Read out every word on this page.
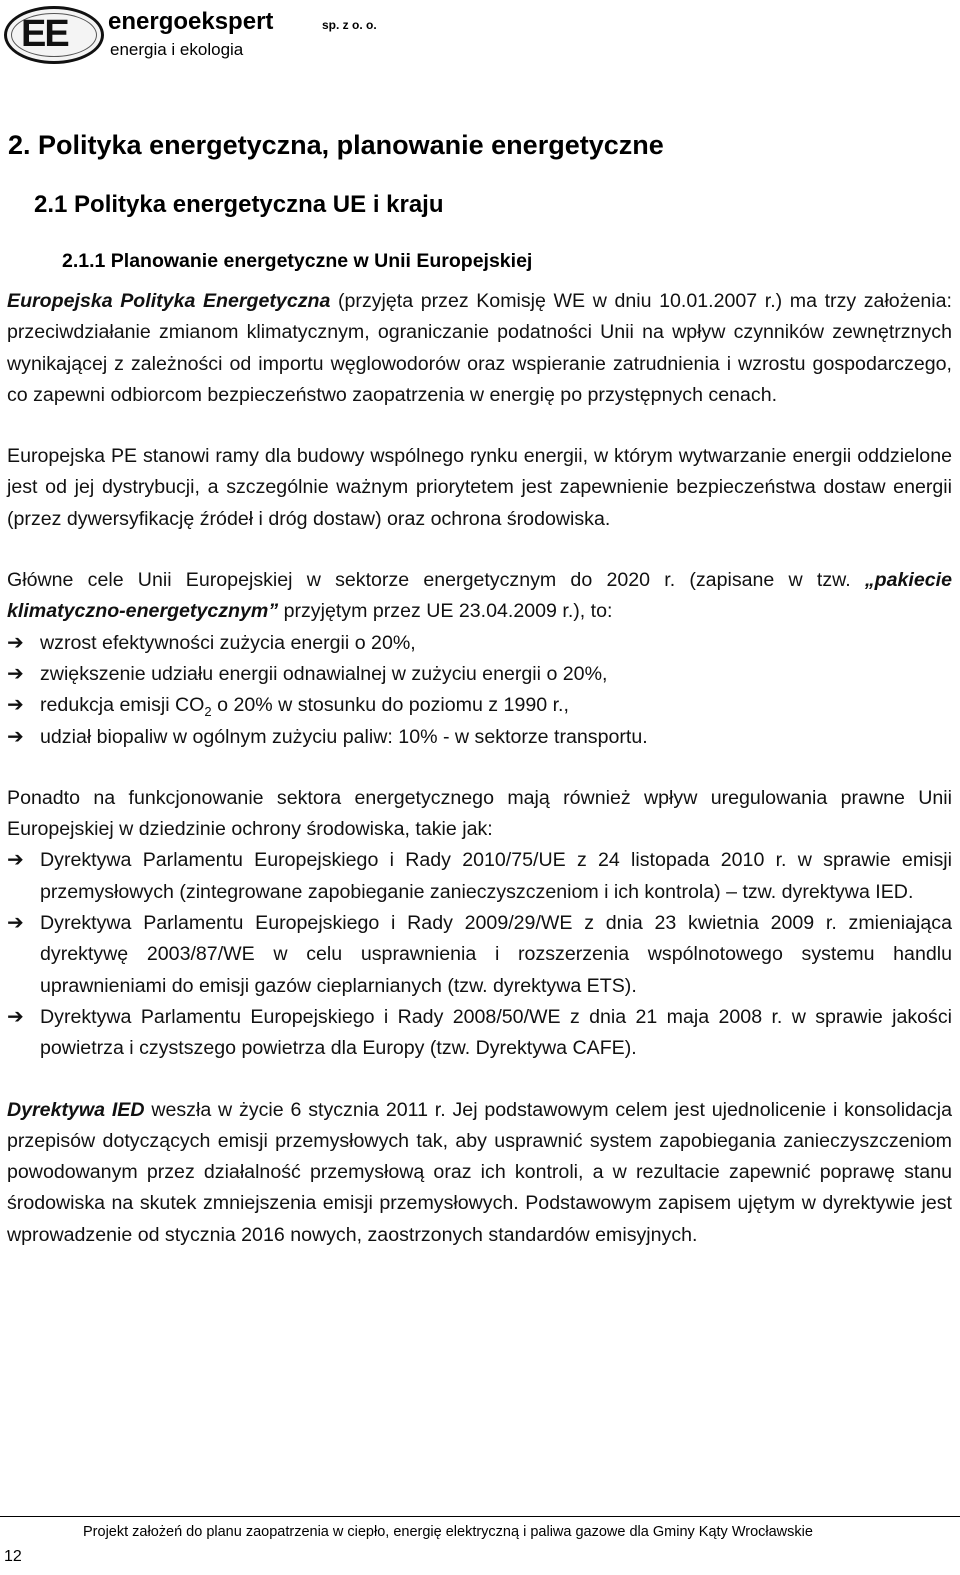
EE energoekspert	sp. z o. o.
energia i ekologia
2. Polityka energetyczna, planowanie energetyczne
2.1 Polityka energetyczna UE i kraju
2.1.1 Planowanie energetyczne w Unii Europejskiej

Europejska Polityka Energetyczna (przyjęta przez Komisję WE w dniu 10.01.2007 r.) ma trzy założenia: przeciwdziałanie zmianom klimatycznym, ograniczanie podatności Unii na wpływ czynników zewnętrznych wynikającej z zależności od importu węglowodorów oraz wspieranie zatrudnienia i wzrostu gospodarczego, co zapewni odbiorcom bezpieczeństwo zaopatrzenia w energię po przystępnych cenach.

Europejska PE stanowi ramy dla budowy wspólnego rynku energii, w którym wytwarzanie energii oddzielone jest od jej dystrybucji, a szczególnie ważnym priorytetem jest zapewnienie bezpieczeństwa dostaw energii (przez dywersyfikację źródeł i dróg dostaw) oraz ochrona środowiska.

Główne cele Unii Europejskiej w sektorze energetycznym do 2020 r. (zapisane w tzw. „pakiecie klimatyczno-energetycznym” przyjętym przez UE 23.04.2009 r.), to:

➔ wzrost efektywności zużycia energii o 20%,
➔ zwiększenie udziału energii odnawialnej w zużyciu energii o 20%,
➔ redukcja emisji $CO_2$ o 20% w stosunku do poziomu z 1990 r.,
➔ udział biopaliw w ogólnym zużyciu paliw: 10% - w sektorze transportu.

Ponadto na funkcjonowanie sektora energetycznego mają również wpływ uregulowania prawne Unii Europejskiej w dziedzinie ochrony środowiska, takie jak:

➔ Dyrektywa Parlamentu Europejskiego i Rady 2010/75/UE z 24 listopada 2010 r. w sprawie emisji przemysłowych (zintegrowane zapobieganie zanieczyszczeniom i ich kontrola) – tzw. dyrektywa IED.
➔ Dyrektywa Parlamentu Europejskiego i Rady 2009/29/WE z dnia 23 kwietnia 2009 r. zmieniająca dyrektywę 2003/87/WE w celu usprawnienia i rozszerzenia wspólnotowego systemu handlu uprawnieniami do emisji gazów cieplarnianych (tzw. dyrektywa ETS).
➔ Dyrektywa Parlamentu Europejskiego i Rady 2008/50/WE z dnia 21 maja 2008 r. w sprawie jakości powietrza i czystszego powietrza dla Europy (tzw. Dyrektywa CAFE).

Dyrektywa IED weszła w życie 6 stycznia 2011 r. Jej podstawowym celem jest ujednolicenie i konsolidacja przepisów dotyczących emisji przemysłowych tak, aby usprawnić system zapobiegania zanieczyszczeniom powodowanym przez działalność przemysłową oraz ich kontroli, a w rezultacie zapewnić poprawę stanu środowiska na skutek zmniejszenia emisji przemysłowych. Podstawowym zapisem ujętym w dyrektywie jest wprowadzenie od stycznia 2016 nowych, zaostrzonych standardów emisyjnych.

Projekt założeń do planu zaopatrzenia w ciepło, energię elektryczną i paliwa gazowe dla Gminy Kąty Wrocławskie
12
